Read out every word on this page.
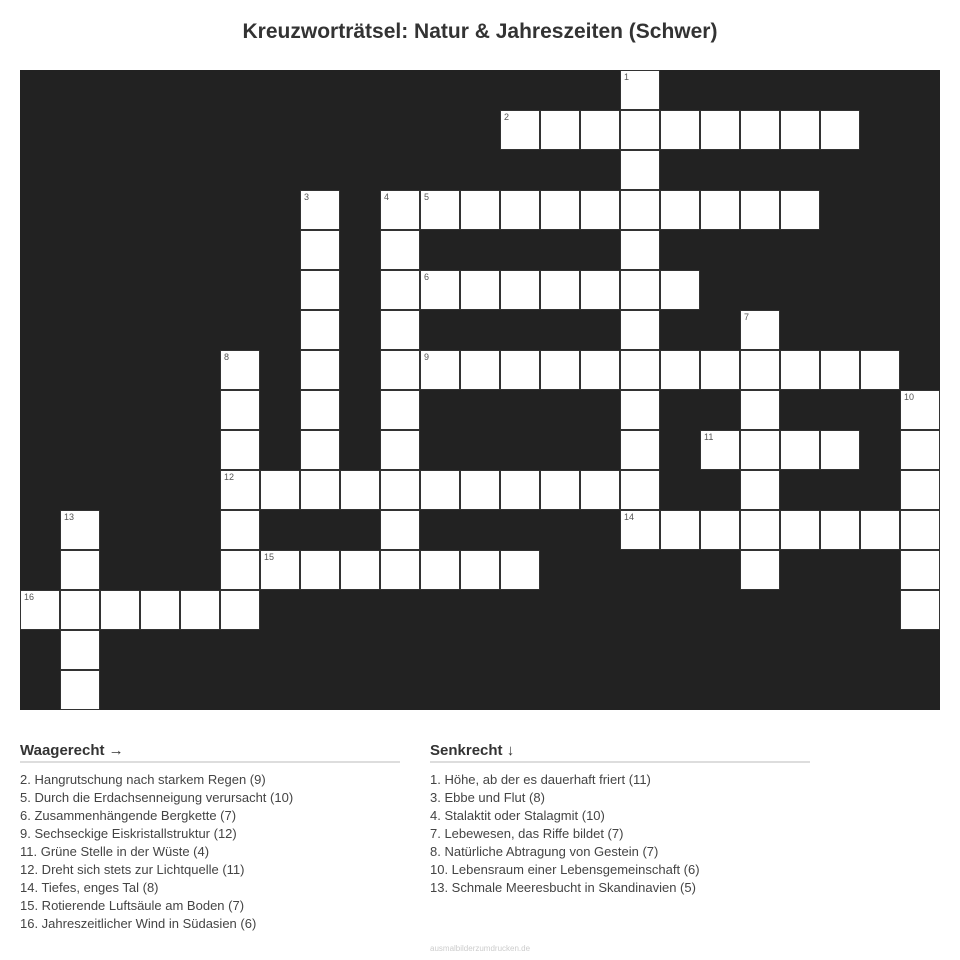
Kreuzworträtsel: Natur & Jahreszeiten (Schwer)
1
2
3	4	5
6
7
8
12
9
10
11
13	14
15
16
Waagerecht →
2. Hangrutschung nach starkem Regen (9)
5. Durch die Erdachsenneigung verursacht (10)
6. Zusammenhängende Bergkette (7)
9. Sechseckige Eiskristallstruktur (12)
11. Grüne Stelle in der Wüste (4)
12. Dreht sich stets zur Lichtquelle (11)
14. Tiefes, enges Tal (8)
15. Rotierende Luftsäule am Boden (7)
16. Jahreszeitlicher Wind in Südasien (6)
Senkrecht ↓
1. Höhe, ab der es dauerhaft friert (11)
3. Ebbe und Flut (8)
4. Stalaktit oder Stalagmit (10)
7. Lebewesen, das Riffe bildet (7)
8. Natürliche Abtragung von Gestein (7)
10. Lebensraum einer Lebensgemeinschaft (6)
13. Schmale Meeresbucht in Skandinavien (5)
ausmalbilderzumdrucken.de
